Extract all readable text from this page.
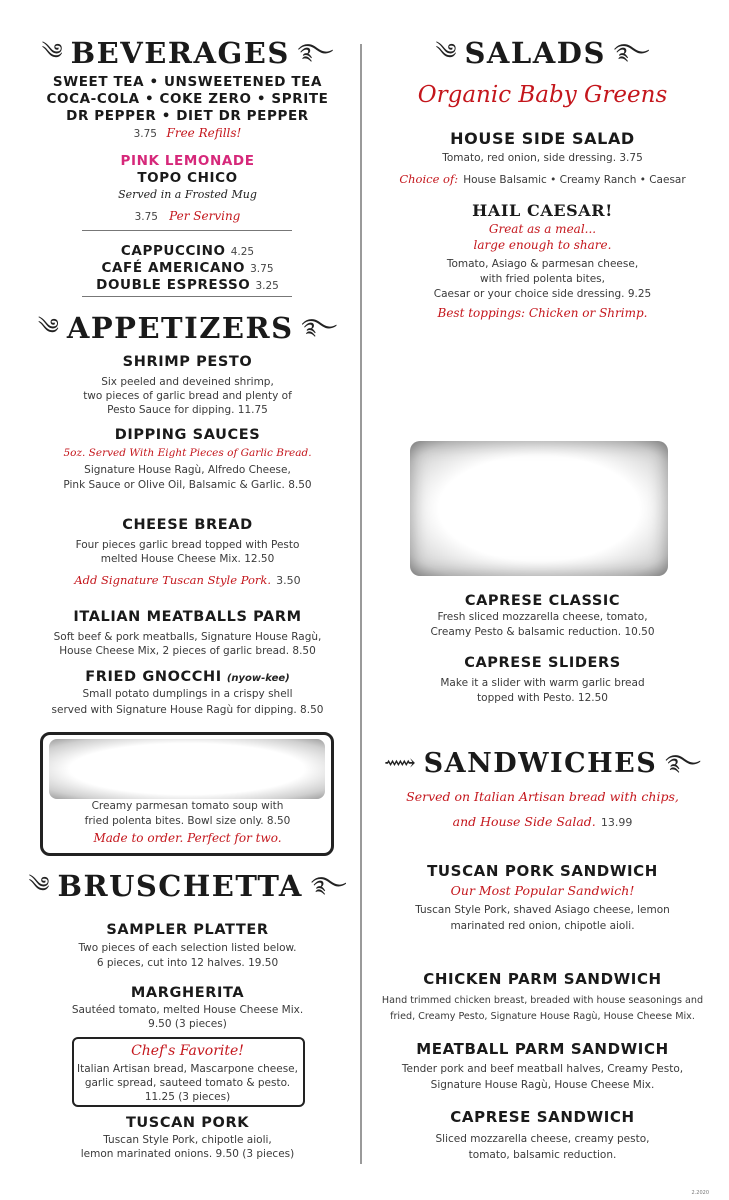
༄ BEVERAGES ࿐
SWEET TEA • UNSWEETENED TEA
COCA-COLA • COKE ZERO • SPRITE
DR PEPPER • DIET DR PEPPER
3.75 Free Refills!
PINK LEMONADE
TOPO CHICO
Served in a Frosted Mug
3.75 Per Serving
CAPPUCCINO 4.25
CAFÉ AMERICANO 3.75
DOUBLE ESPRESSO 3.25
༄ APPETIZERS ࿐
SHRIMP PESTO
Six peeled and deveined shrimp,
two pieces of garlic bread and plenty of
Pesto Sauce for dipping. 11.75
DIPPING SAUCES
5oz. Served With Eight Pieces of Garlic Bread.
Signature House Ragù, Alfredo Cheese,
Pink Sauce or Olive Oil, Balsamic & Garlic. 8.50
CHEESE BREAD
Four pieces garlic bread topped with Pesto
melted House Cheese Mix. 12.50
Add Signature Tuscan Style Pork. 3.50
ITALIAN MEATBALLS PARM
Soft beef & pork meatballs, Signature House Ragù,
House Cheese Mix, 2 pieces of garlic bread. 8.50
FRIED GNOCCHI (nyow-kee)
Small potato dumplings in a crispy shell
served with Signature House Ragù for dipping. 8.50
Creamy parmesan tomato soup with
fried polenta bites. Bowl size only. 8.50
Made to order. Perfect for two.
༄ BRUSCHETTA ࿐
SAMPLER PLATTER
Two pieces of each selection listed below.
6 pieces, cut into 12 halves. 19.50
MARGHERITA
Sautéed tomato, melted House Cheese Mix.
9.50 (3 pieces)
Chef's Favorite!
Italian Artisan bread, Mascarpone cheese,
garlic spread, sauteed tomato & pesto.
11.25 (3 pieces)
TUSCAN PORK
Tuscan Style Pork, chipotle aioli,
lemon marinated onions. 9.50 (3 pieces)
༄ SALADS ࿐
Organic Baby Greens
HOUSE SIDE SALAD
Tomato, red onion, side dressing. 3.75
Choice of: House Balsamic • Creamy Ranch • Caesar
HAIL CAESAR!
Great as a meal...
large enough to share.
Tomato, Asiago & parmesan cheese,
with fried polenta bites,
Caesar or your choice side dressing. 9.25
Best toppings: Chicken or Shrimp.
CAPRESE CLASSIC
Fresh sliced mozzarella cheese, tomato,
Creamy Pesto & balsamic reduction. 10.50
CAPRESE SLIDERS
Make it a slider with warm garlic bread
topped with Pesto. 12.50
⟿ SANDWICHES ࿐
Served on Italian Artisan bread with chips,
and House Side Salad. 13.99
TUSCAN PORK SANDWICH
Our Most Popular Sandwich!
Tuscan Style Pork, shaved Asiago cheese, lemon
marinated red onion, chipotle aioli.
CHICKEN PARM SANDWICH
Hand trimmed chicken breast, breaded with house seasonings and
fried, Creamy Pesto, Signature House Ragù, House Cheese Mix.
MEATBALL PARM SANDWICH
Tender pork and beef meatball halves, Creamy Pesto,
Signature House Ragù, House Cheese Mix.
CAPRESE SANDWICH
Sliced mozzarella cheese, creamy pesto,
tomato, balsamic reduction.
2.2020
